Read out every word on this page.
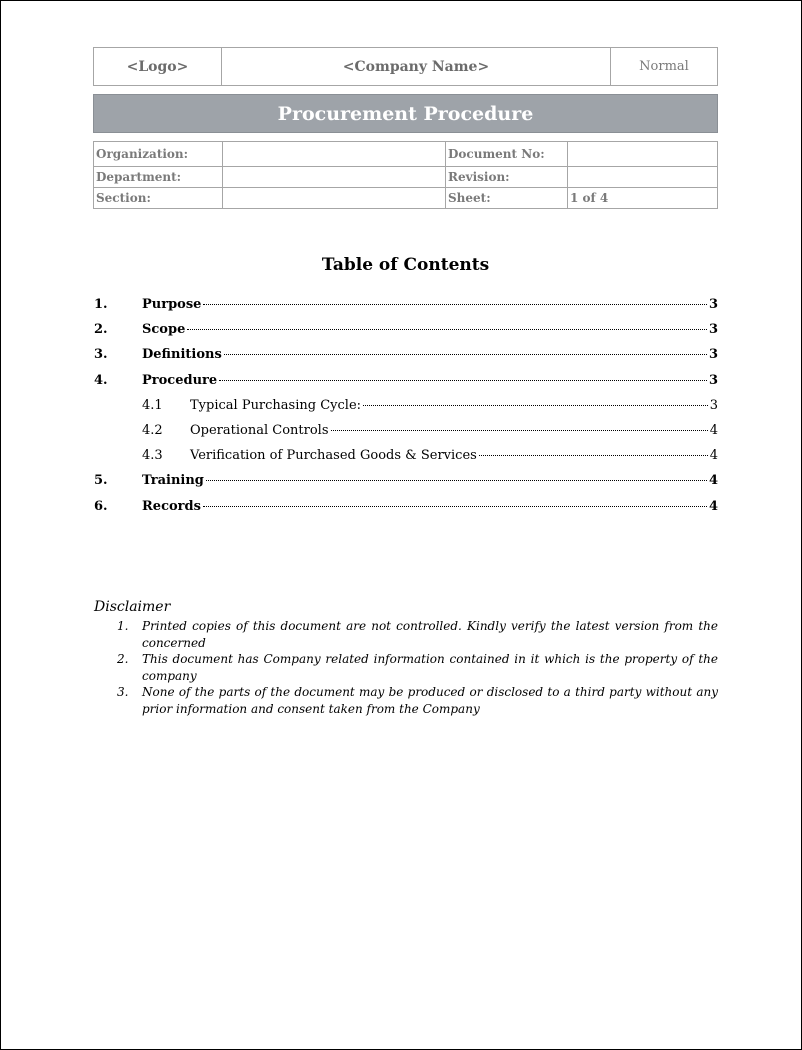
<Logo>	<Company Name>	Normal
Procurement Procedure
Organization:		Document No:	
Department:		Revision:	
Section:		Sheet:	1 of 4
Table of Contents
1.	Purpose	3
2.	Scope	3
3.	Definitions	3
4.	Procedure	3
4.1 Typical Purchasing Cycle:	3
4.2 Operational Controls	4
4.3 Verification of Purchased Goods & Services	4
5.	Training	4
6.	Records	4
Disclaimer
1. Printed copies of this document are not controlled. Kindly verify the latest version from the concerned
2. This document has Company related information contained in it which is the property of the company
3. None of the parts of the document may be produced or disclosed to a third party without any prior information and consent taken from the Company
